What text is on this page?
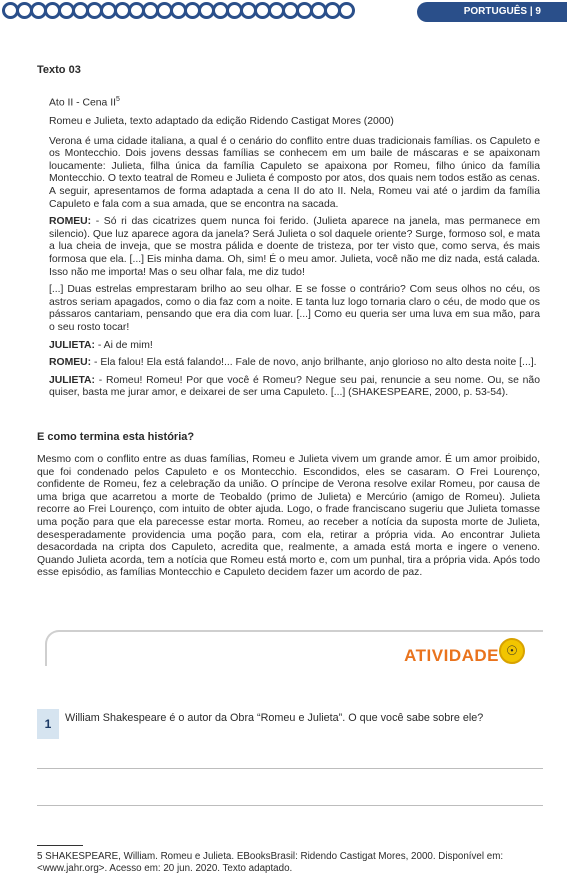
PORTUGUÊS | 9
Texto 03

Ato II - Cena $II^5$

Romeu e Julieta, texto adaptado da edição Ridendo Castigat Mores (2000)

Verona é uma cidade italiana, a qual é o cenário do conflito entre duas tradicionais famílias. os Capuleto e os Montecchio. Dois jovens dessas famílias se conhecem em um baile de máscaras e se apaixonam loucamente: Julieta, filha única da família Capuleto se apaixona por Romeu, filho único da família Montecchio. O texto teatral de Romeu e Julieta é composto por atos, dos quais nem todos estão as cenas. A seguir, apresentamos de forma adaptada a cena II do ato II. Nela, Romeu vai até o jardim da família Capuleto e fala com a sua amada, que se encontra na sacada.

ROMEU: - Só ri das cicatrizes quem nunca foi ferido. (Julieta aparece na janela, mas permanece em silencio). Que luz aparece agora da janela? Será Julieta o sol daquele oriente? Surge, formoso sol, e mata a lua cheia de inveja, que se mostra pálida e doente de tristeza, por ter visto que, como serva, és mais formosa que ela. [...] Eis minha dama. Oh, sim! É o meu amor. Julieta, você não me diz nada, está calada. Isso não me importa! Mas o seu olhar fala, me diz tudo!

[...] Duas estrelas emprestaram brilho ao seu olhar. E se fosse o contrário? Com seus olhos no céu, os astros seriam apagados, como o dia faz com a noite. E tanta luz logo tornaria claro o céu, de modo que os pássaros cantariam, pensando que era dia com luar. [...] Como eu queria ser uma luva em sua mão, para o seu rosto tocar!

JULIETA: - Ai de mim!

ROMEU: - Ela falou! Ela está falando!... Fale de novo, anjo brilhante, anjo glorioso no alto desta noite [...].

JULIETA: - Romeu! Romeu! Por que você é Romeu? Negue seu pai, renuncie a seu nome. Ou, se não quiser, basta me jurar amor, e deixarei de ser uma Capuleto. [...] (SHAKESPEARE, 2000, p. 53-54).

E como termina esta história?

Mesmo com o conflito entre as duas famílias, Romeu e Julieta vivem um grande amor. É um amor proibido, que foi condenado pelos Capuleto e os Montecchio. Escondidos, eles se casaram. O Frei Lourenço, confidente de Romeu, fez a celebração da união. O príncipe de Verona resolve exilar Romeu, por causa de uma briga que acarretou a morte de Teobaldo (primo de Julieta) e Mercúrio (amigo de Romeu). Julieta recorre ao Frei Lourenço, com intuito de obter ajuda. Logo, o frade franciscano sugeriu que Julieta tomasse uma poção para que ela parecesse estar morta. Romeu, ao receber a notícia da suposta morte de Julieta, desesperadamente providencia uma poção para, com ela, retirar a própria vida. Ao encontrar Julieta desacordada na cripta dos Capuleto, acredita que, realmente, a amada está morta e ingere o veneno. Quando Julieta acorda, tem a notícia que Romeu está morto e, com um punhal, tira a própria vida. Após todo esse episódio, as famílias Montecchio e Capuleto decidem fazer um acordo de paz.

ATIVIDADE ☉
1	William Shakespeare é o autor da Obra “Romeu e Julieta”. O que você sabe sobre ele?
5 SHAKESPEARE, William. Romeu e Julieta. EBooksBrasil: Ridendo Castigat Mores, 2000. Disponível em: <www.jahr.org>. Acesso em: 20 jun. 2020. Texto adaptado.
